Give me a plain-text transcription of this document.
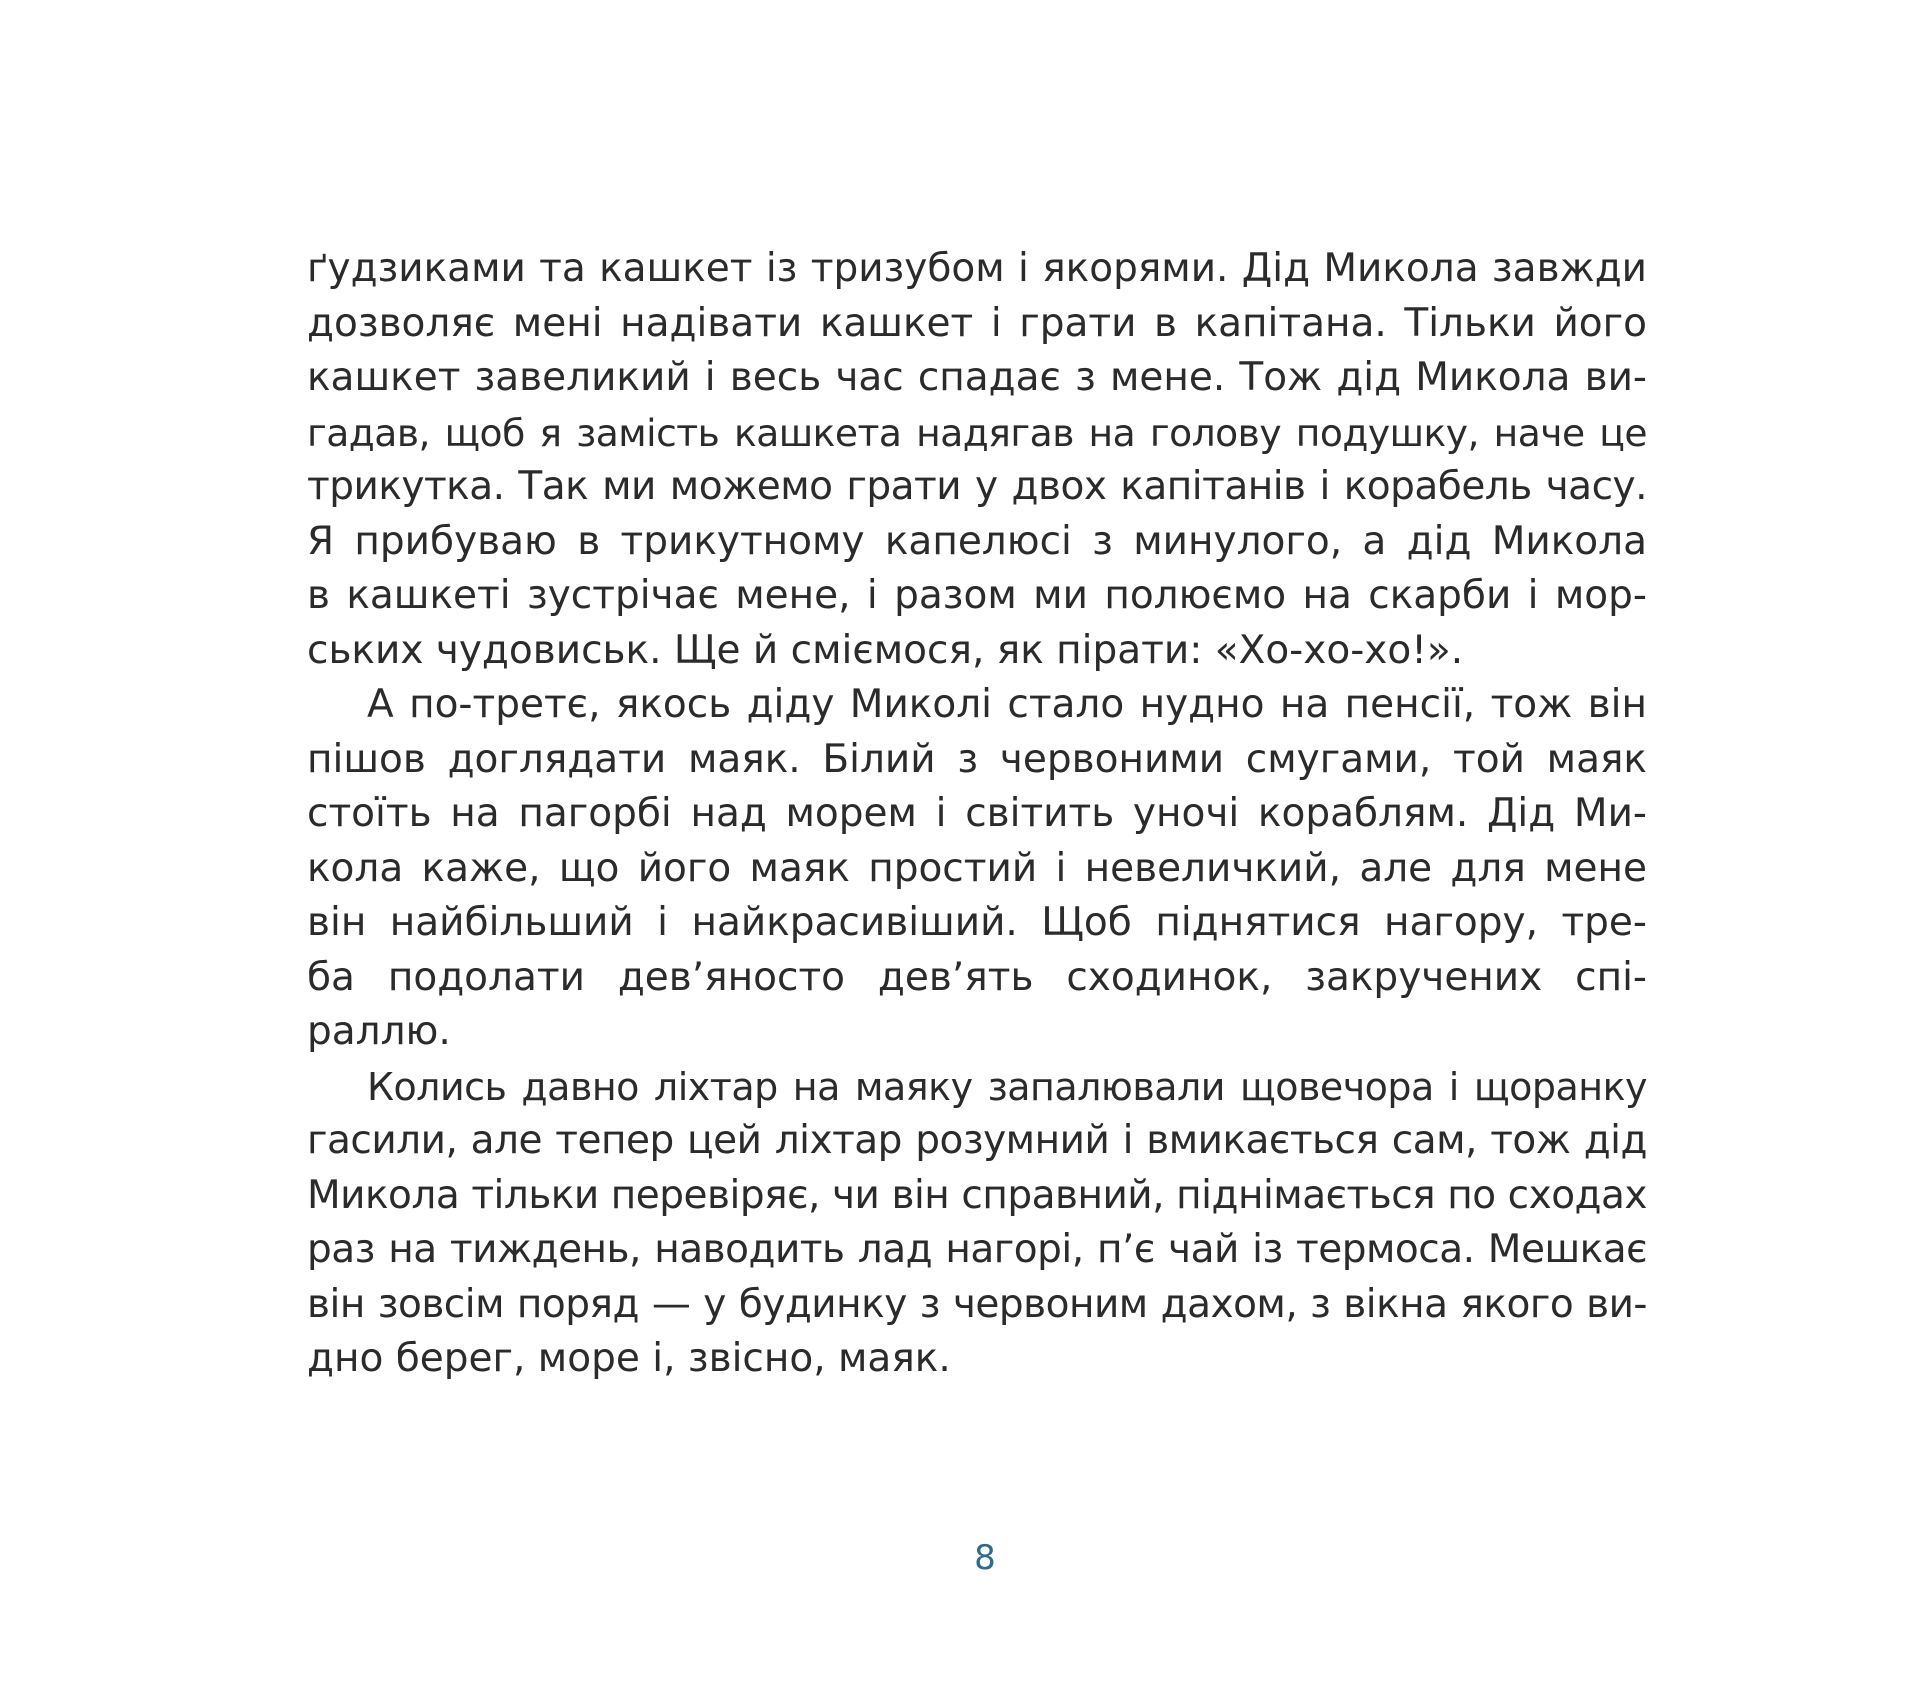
ґудзиками та кашкет із тризубом і якорями. Дід Микола завжди
дозволяє мені надівати кашкет і грати в капітана. Тільки його
кашкет завеликий і весь час спадає з мене. Тож дід Микола ви-
гадав, щоб я замість кашкета надягав на голову подушку, наче це
трикутка. Так ми можемо грати у двох капітанів і корабель часу.
Я прибуваю в трикутному капелюсі з минулого, а дід Микола
в кашкеті зустрічає мене, і разом ми полюємо на скарби і мор-
ських чудовиськ. Ще й сміємося, як пірати: «Хо-хо-хо!».
А по-третє, якось діду Миколі стало нудно на пенсії, тож він
пішов доглядати маяк. Білий з червоними смугами, той маяк
стоїть на пагорбі над морем і світить уночі кораблям. Дід Ми-
кола каже, що його маяк простий і невеличкий, але для мене
він найбільший і найкрасивіший. Щоб піднятися нагору, тре-
ба подолати дев’яносто дев’ять сходинок, закручених спі-
раллю.
Колись давно ліхтар на маяку запалювали щовечора і щоранку
гасили, але тепер цей ліхтар розумний і вмикається сам, тож дід
Микола тільки перевіряє, чи він справний, піднімається по сходах
раз на тиждень, наводить лад нагорі, п’є чай із термоса. Мешкає
він зовсім поряд — у будинку з червоним дахом, з вікна якого ви-
дно берег, море і, звісно, маяк.
8
